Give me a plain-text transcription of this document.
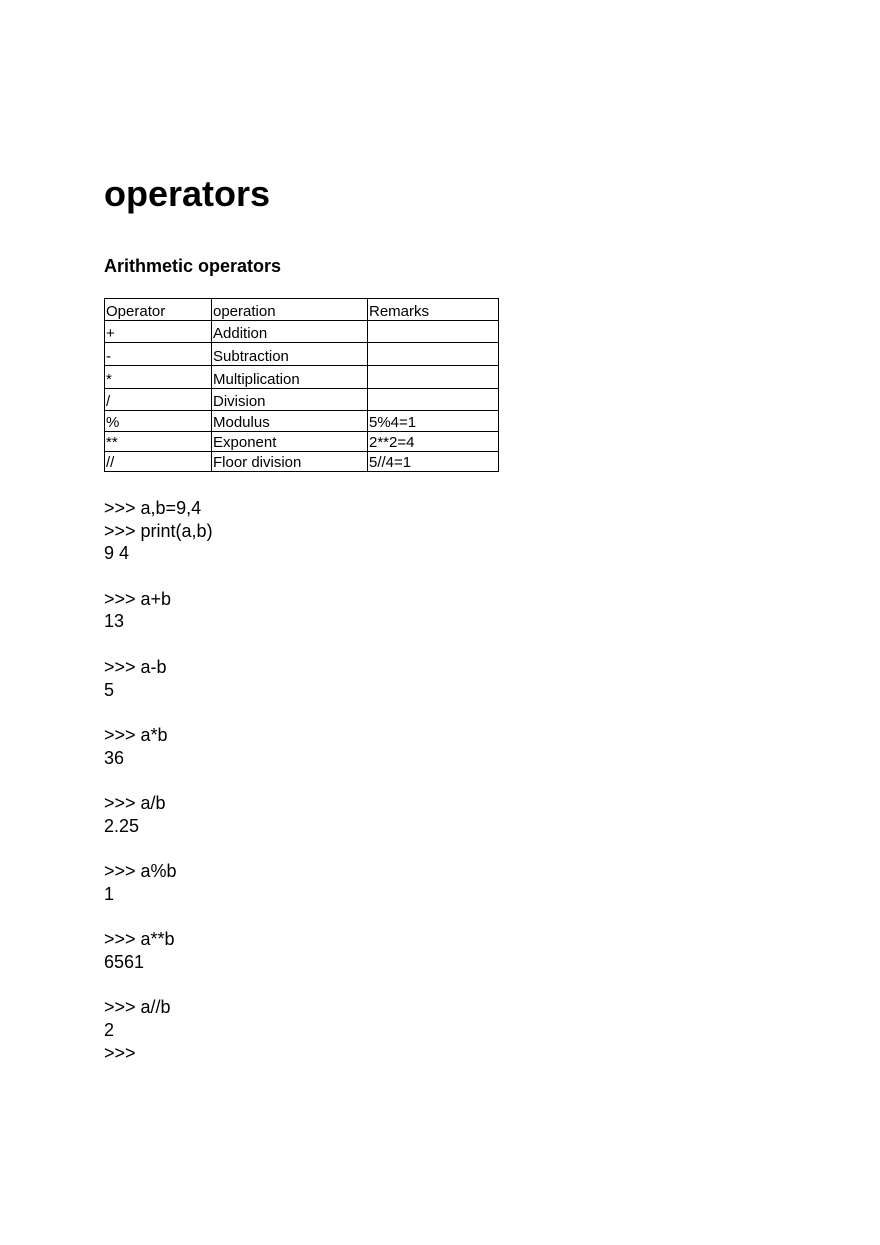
operators
Arithmetic operators
Operator	operation	Remarks
+	Addition	
-	Subtraction	
*	Multiplication	
/	Division	
%	Modulus	5%4=1
**	Exponent	2**2=4
//	Floor division	5//4=1
>>> a,b=9,4
>>> print(a,b)
9 4
>>> a+b
13
>>> a-b
5
>>> a*b
36
>>> a/b
2.25
>>> a%b
1
>>> a**b
6561
>>> a//b
2
>>>
